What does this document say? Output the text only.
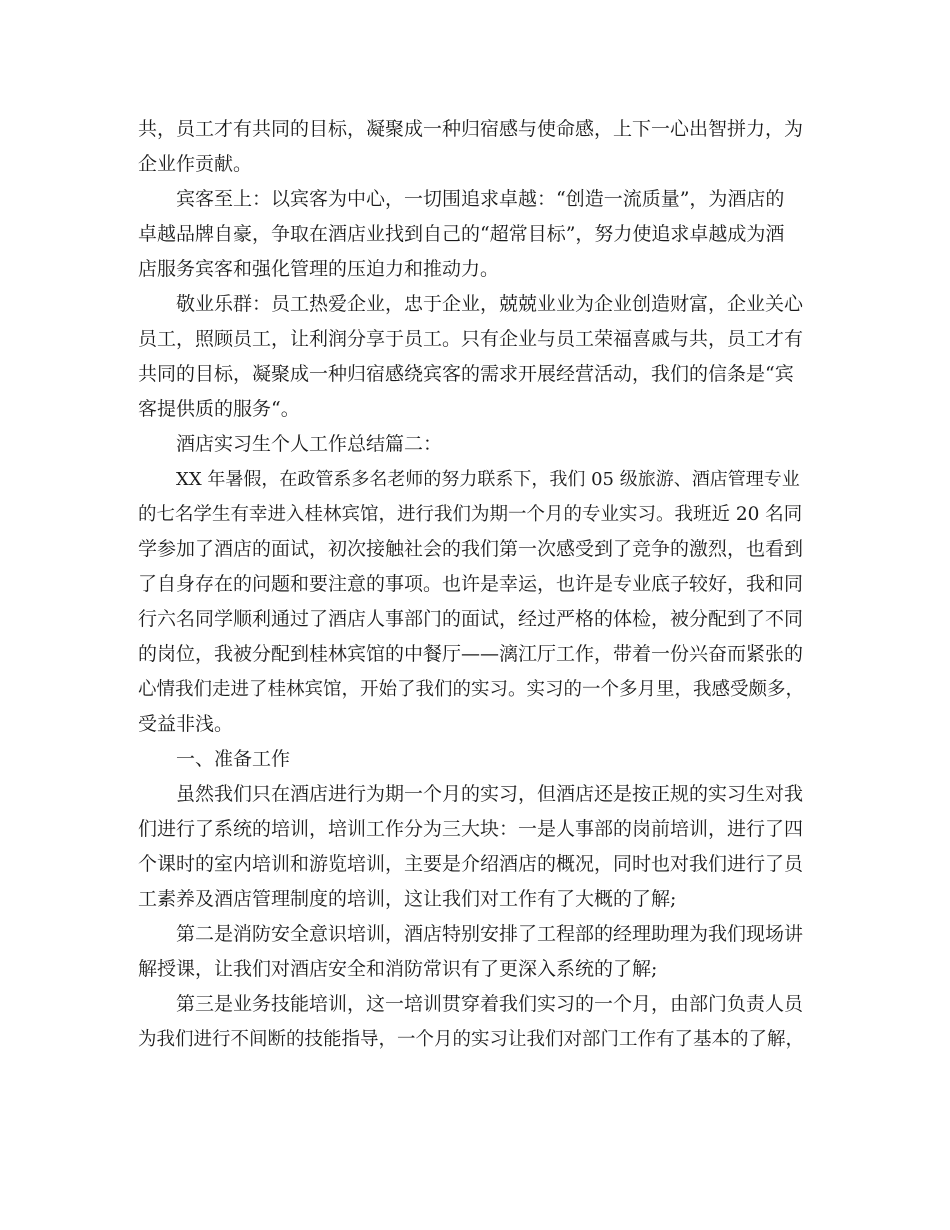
共，员工才有共同的目标，凝聚成一种归宿感与使命感，上下一心出智拼力，为
企业作贡献。
宾客至上：以宾客为中心，一切围追求卓越：“创造一流质量”，为酒店的
卓越品牌自豪，争取在酒店业找到自己的“超常目标”，努力使追求卓越成为酒
店服务宾客和强化管理的压迫力和推动力。
敬业乐群：员工热爱企业，忠于企业，兢兢业业为企业创造财富，企业关心
员工，照顾员工，让利润分享于员工。只有企业与员工荣福喜戚与共，员工才有
共同的目标，凝聚成一种归宿感绕宾客的需求开展经营活动，我们的信条是“宾
客提供质的服务“。
酒店实习生个人工作总结篇二：
XX 年暑假，在政管系多名老师的努力联系下，我们 05 级旅游、酒店管理专业
的七名学生有幸进入桂林宾馆，进行我们为期一个月的专业实习。我班近 20 名同
学参加了酒店的面试，初次接触社会的我们第一次感受到了竞争的激烈，也看到
了自身存在的问题和要注意的事项。也许是幸运，也许是专业底子较好，我和同
行六名同学顺利通过了酒店人事部门的面试，经过严格的体检，被分配到了不同
的岗位，我被分配到桂林宾馆的中餐厅——漓江厅工作，带着一份兴奋而紧张的
心情我们走进了桂林宾馆，开始了我们的实习。实习的一个多月里，我感受颇多，
受益非浅。
一、准备工作
虽然我们只在酒店进行为期一个月的实习，但酒店还是按正规的实习生对我
们进行了系统的培训，培训工作分为三大块：一是人事部的岗前培训，进行了四
个课时的室内培训和游览培训，主要是介绍酒店的概况，同时也对我们进行了员
工素养及酒店管理制度的培训，这让我们对工作有了大概的了解;
第二是消防安全意识培训，酒店特别安排了工程部的经理助理为我们现场讲
解授课，让我们对酒店安全和消防常识有了更深入系统的了解;
第三是业务技能培训，这一培训贯穿着我们实习的一个月，由部门负责人员
为我们进行不间断的技能指导，一个月的实习让我们对部门工作有了基本的了解，
